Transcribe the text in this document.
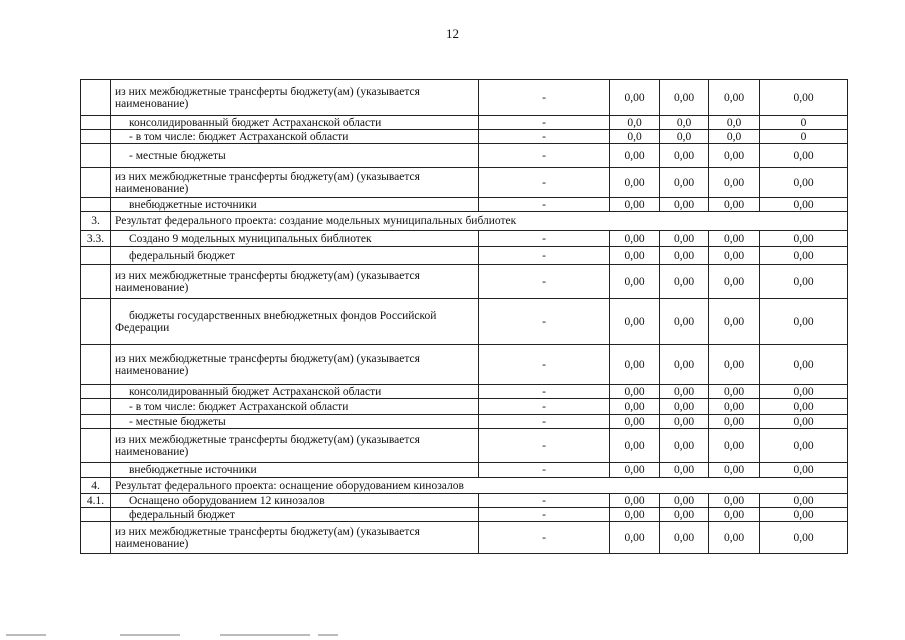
12
	из них межбюджетные трансферты бюджету(ам) (указывается наименование)	-	0,00	0,00	0,00	0,00
	консолидированный бюджет Астраханской области	-	0,0	0,0	0,0	0
	- в том числе: бюджет Астраханской области	-	0,0	0,0	0,0	0
	- местные бюджеты	-	0,00	0,00	0,00	0,00
	из них межбюджетные трансферты бюджету(ам) (указывается наименование)	-	0,00	0,00	0,00	0,00
	внебюджетные источники	-	0,00	0,00	0,00	0,00
3.	Результат федерального проекта: создание модельных муниципальных библиотек					
3.3.	Создано 9 модельных муниципальных библиотек	-	0,00	0,00	0,00	0,00
	федеральный бюджет	-	0,00	0,00	0,00	0,00
	из них межбюджетные трансферты бюджету(ам) (указывается наименование)	-	0,00	0,00	0,00	0,00
	бюджеты государственных внебюджетных фондов Российской Федерации	-	0,00	0,00	0,00	0,00
	из них межбюджетные трансферты бюджету(ам) (указывается наименование)	-	0,00	0,00	0,00	0,00
	консолидированный бюджет Астраханской области	-	0,00	0,00	0,00	0,00
	- в том числе: бюджет Астраханской области	-	0,00	0,00	0,00	0,00
	- местные бюджеты	-	0,00	0,00	0,00	0,00
	из них межбюджетные трансферты бюджету(ам) (указывается наименование)	-	0,00	0,00	0,00	0,00
	внебюджетные источники	-	0,00	0,00	0,00	0,00
4.	Результат федерального проекта: оснащение оборудованием кинозалов					
4.1.	Оснащено оборудованием 12 кинозалов	-	0,00	0,00	0,00	0,00
	федеральный бюджет	-	0,00	0,00	0,00	0,00
	из них межбюджетные трансферты бюджету(ам) (указывается наименование)	-	0,00	0,00	0,00	0,00
